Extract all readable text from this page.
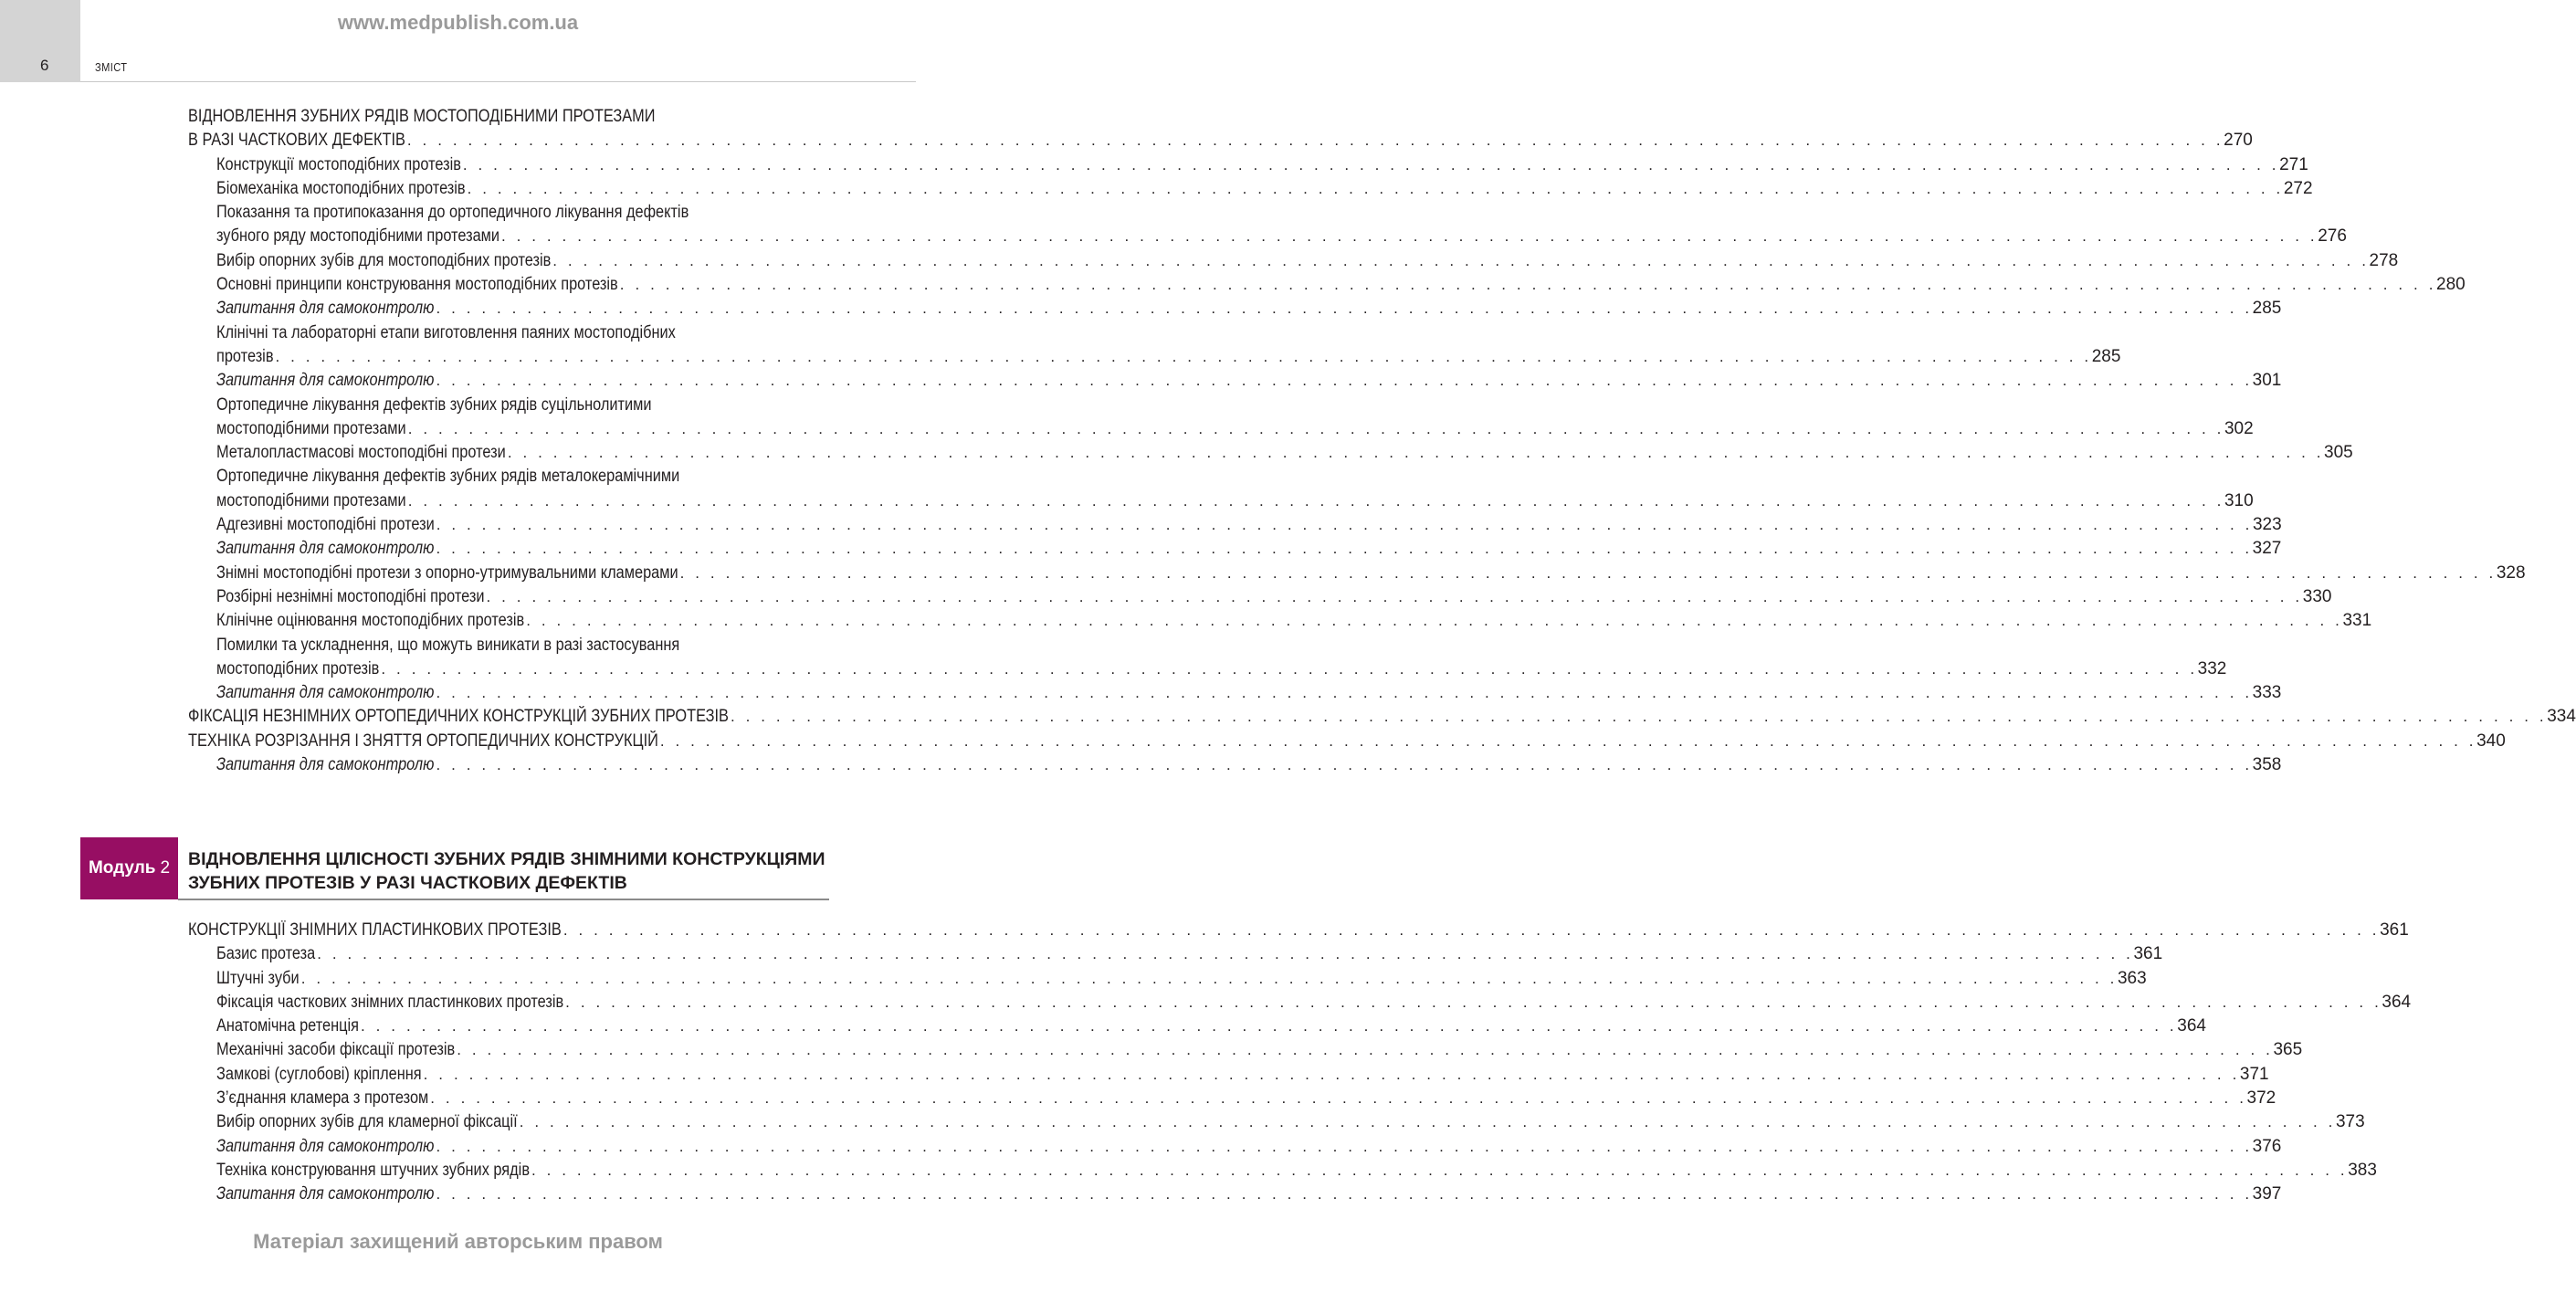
6	ЗМІСТ
www.medpublish.com.ua
ВІДНОВЛЕННЯ ЗУБНИХ РЯДІВ МОСТОПОДІБНИМИ ПРОТЕЗАМИ
В РАЗІ ЧАСТКОВИХ ДЕФЕКТІВ . . . . . . . . . . . . . . . . . . . . . . . . . . . . . . . . . . . . . . . . . . . . . . . . . . . . . . . . . . . . . . . . . . . . . . . . . . . . . . . . . . . . . . . . . . . . . . . . . . . . . . . . . . . . . . . . . . . . . . . . 270
Конструкції мостоподібних протезів . . . . . . . . . . . . . . . . . . . . . . . . . . . . . . . . . . . . . . . . . . . . . . . . . . . . . . . . . . . . . . . . . . . . . . . . . . . . . . . . . . . . . . . . . . . . . . . . . . . . . . . . . . . . . . . . . . . . . . . . 271
Біомеханіка мостоподібних протезів . . . . . . . . . . . . . . . . . . . . . . . . . . . . . . . . . . . . . . . . . . . . . . . . . . . . . . . . . . . . . . . . . . . . . . . . . . . . . . . . . . . . . . . . . . . . . . . . . . . . . . . . . . . . . . . . . . . . . . . . 272
Показання та протипоказання до ортопедичного лікування дефектів
зубного ряду мостоподібними протезами . . . . . . . . . . . . . . . . . . . . . . . . . . . . . . . . . . . . . . . . . . . . . . . . . . . . . . . . . . . . . . . . . . . . . . . . . . . . . . . . . . . . . . . . . . . . . . . . . . . . . . . . . . . . . . . . . . . . . . . . 276
Вибір опорних зубів для мостоподібних протезів . . . . . . . . . . . . . . . . . . . . . . . . . . . . . . . . . . . . . . . . . . . . . . . . . . . . . . . . . . . . . . . . . . . . . . . . . . . . . . . . . . . . . . . . . . . . . . . . . . . . . . . . . . . . . . . . . . . . . . . . 278
Основні принципи конструювання мостоподібних протезів . . . . . . . . . . . . . . . . . . . . . . . . . . . . . . . . . . . . . . . . . . . . . . . . . . . . . . . . . . . . . . . . . . . . . . . . . . . . . . . . . . . . . . . . . . . . . . . . . . . . . . . . . . . . . . . . . . . . . . . . 280
Запитання для самоконтролю . . . . . . . . . . . . . . . . . . . . . . . . . . . . . . . . . . . . . . . . . . . . . . . . . . . . . . . . . . . . . . . . . . . . . . . . . . . . . . . . . . . . . . . . . . . . . . . . . . . . . . . . . . . . . . . . . . . . . . . . 285
Клінічні та лабораторні етапи виготовлення паяних мостоподібних
протезів . . . . . . . . . . . . . . . . . . . . . . . . . . . . . . . . . . . . . . . . . . . . . . . . . . . . . . . . . . . . . . . . . . . . . . . . . . . . . . . . . . . . . . . . . . . . . . . . . . . . . . . . . . . . . . . . . . . . . . . . 285
Запитання для самоконтролю . . . . . . . . . . . . . . . . . . . . . . . . . . . . . . . . . . . . . . . . . . . . . . . . . . . . . . . . . . . . . . . . . . . . . . . . . . . . . . . . . . . . . . . . . . . . . . . . . . . . . . . . . . . . . . . . . . . . . . . . 301
Ортопедичне лікування дефектів зубних рядів суцільнолитими
мостоподібними протезами . . . . . . . . . . . . . . . . . . . . . . . . . . . . . . . . . . . . . . . . . . . . . . . . . . . . . . . . . . . . . . . . . . . . . . . . . . . . . . . . . . . . . . . . . . . . . . . . . . . . . . . . . . . . . . . . . . . . . . . . 302
Металопластмасові мостоподібні протези . . . . . . . . . . . . . . . . . . . . . . . . . . . . . . . . . . . . . . . . . . . . . . . . . . . . . . . . . . . . . . . . . . . . . . . . . . . . . . . . . . . . . . . . . . . . . . . . . . . . . . . . . . . . . . . . . . . . . . . . 305
Ортопедичне лікування дефектів зубних рядів металокерамічними
мостоподібними протезами . . . . . . . . . . . . . . . . . . . . . . . . . . . . . . . . . . . . . . . . . . . . . . . . . . . . . . . . . . . . . . . . . . . . . . . . . . . . . . . . . . . . . . . . . . . . . . . . . . . . . . . . . . . . . . . . . . . . . . . . 310
Адгезивні мостоподібні протези . . . . . . . . . . . . . . . . . . . . . . . . . . . . . . . . . . . . . . . . . . . . . . . . . . . . . . . . . . . . . . . . . . . . . . . . . . . . . . . . . . . . . . . . . . . . . . . . . . . . . . . . . . . . . . . . . . . . . . . . 323
Запитання для самоконтролю . . . . . . . . . . . . . . . . . . . . . . . . . . . . . . . . . . . . . . . . . . . . . . . . . . . . . . . . . . . . . . . . . . . . . . . . . . . . . . . . . . . . . . . . . . . . . . . . . . . . . . . . . . . . . . . . . . . . . . . . 327
Знімні мостоподібні протези з опорно-утримувальними кламерами . . . . . . . . . . . . . . . . . . . . . . . . . . . . . . . . . . . . . . . . . . . . . . . . . . . . . . . . . . . . . . . . . . . . . . . . . . . . . . . . . . . . . . . . . . . . . . . . . . . . . . . . . . . . . . . . . . . . . . . . 328
Розбірні незнімні мостоподібні протези . . . . . . . . . . . . . . . . . . . . . . . . . . . . . . . . . . . . . . . . . . . . . . . . . . . . . . . . . . . . . . . . . . . . . . . . . . . . . . . . . . . . . . . . . . . . . . . . . . . . . . . . . . . . . . . . . . . . . . . . 330
Клінічне оцінювання мостоподібних протезів . . . . . . . . . . . . . . . . . . . . . . . . . . . . . . . . . . . . . . . . . . . . . . . . . . . . . . . . . . . . . . . . . . . . . . . . . . . . . . . . . . . . . . . . . . . . . . . . . . . . . . . . . . . . . . . . . . . . . . . . 331
Помилки та ускладнення, що можуть виникати в разі застосування
мостоподібних протезів . . . . . . . . . . . . . . . . . . . . . . . . . . . . . . . . . . . . . . . . . . . . . . . . . . . . . . . . . . . . . . . . . . . . . . . . . . . . . . . . . . . . . . . . . . . . . . . . . . . . . . . . . . . . . . . . . . . . . . . . 332
Запитання для самоконтролю . . . . . . . . . . . . . . . . . . . . . . . . . . . . . . . . . . . . . . . . . . . . . . . . . . . . . . . . . . . . . . . . . . . . . . . . . . . . . . . . . . . . . . . . . . . . . . . . . . . . . . . . . . . . . . . . . . . . . . . . 333
ФІКСАЦІЯ НЕЗНІМНИХ ОРТОПЕДИЧНИХ КОНСТРУКЦІЙ ЗУБНИХ ПРОТЕЗІВ . . . . . . . . . . . . . . . . . . . . . . . . . . . . . . . . . . . . . . . . . . . . . . . . . . . . . . . . . . . . . . . . . . . . . . . . . . . . . . . . . . . . . . . . . . . . . . . . . . . . . . . . . . . . . . . . . . . . . . . . 334
ТЕХНІКА РОЗРІЗАННЯ І ЗНЯТТЯ ОРТОПЕДИЧНИХ КОНСТРУКЦІЙ . . . . . . . . . . . . . . . . . . . . . . . . . . . . . . . . . . . . . . . . . . . . . . . . . . . . . . . . . . . . . . . . . . . . . . . . . . . . . . . . . . . . . . . . . . . . . . . . . . . . . . . . . . . . . . . . . . . . . . . . 340
Запитання для самоконтролю . . . . . . . . . . . . . . . . . . . . . . . . . . . . . . . . . . . . . . . . . . . . . . . . . . . . . . . . . . . . . . . . . . . . . . . . . . . . . . . . . . . . . . . . . . . . . . . . . . . . . . . . . . . . . . . . . . . . . . . . 358
Модуль 2 ВІДНОВЛЕННЯ ЦІЛІСНОСТІ ЗУБНИХ РЯДІВ ЗНІМНИМИ КОНСТРУКЦІЯМИ
ЗУБНИХ ПРОТЕЗІВ У РАЗІ ЧАСТКОВИХ ДЕФЕКТІВ
КОНСТРУКЦІЇ ЗНІМНИХ ПЛАСТИНКОВИХ ПРОТЕЗІВ . . . . . . . . . . . . . . . . . . . . . . . . . . . . . . . . . . . . . . . . . . . . . . . . . . . . . . . . . . . . . . . . . . . . . . . . . . . . . . . . . . . . . . . . . . . . . . . . . . . . . . . . . . . . . . . . . . . . . . . . 361
Базис протеза . . . . . . . . . . . . . . . . . . . . . . . . . . . . . . . . . . . . . . . . . . . . . . . . . . . . . . . . . . . . . . . . . . . . . . . . . . . . . . . . . . . . . . . . . . . . . . . . . . . . . . . . . . . . . . . . . . . . . . . . 361
Штучні зуби . . . . . . . . . . . . . . . . . . . . . . . . . . . . . . . . . . . . . . . . . . . . . . . . . . . . . . . . . . . . . . . . . . . . . . . . . . . . . . . . . . . . . . . . . . . . . . . . . . . . . . . . . . . . . . . . . . . . . . . . 363
Фіксація часткових знімних пластинкових протезів . . . . . . . . . . . . . . . . . . . . . . . . . . . . . . . . . . . . . . . . . . . . . . . . . . . . . . . . . . . . . . . . . . . . . . . . . . . . . . . . . . . . . . . . . . . . . . . . . . . . . . . . . . . . . . . . . . . . . . . . 364
Анатомічна ретенція . . . . . . . . . . . . . . . . . . . . . . . . . . . . . . . . . . . . . . . . . . . . . . . . . . . . . . . . . . . . . . . . . . . . . . . . . . . . . . . . . . . . . . . . . . . . . . . . . . . . . . . . . . . . . . . . . . . . . . . . 364
Механічні засоби фіксації протезів . . . . . . . . . . . . . . . . . . . . . . . . . . . . . . . . . . . . . . . . . . . . . . . . . . . . . . . . . . . . . . . . . . . . . . . . . . . . . . . . . . . . . . . . . . . . . . . . . . . . . . . . . . . . . . . . . . . . . . . . 365
Замкові (суглобові) кріплення . . . . . . . . . . . . . . . . . . . . . . . . . . . . . . . . . . . . . . . . . . . . . . . . . . . . . . . . . . . . . . . . . . . . . . . . . . . . . . . . . . . . . . . . . . . . . . . . . . . . . . . . . . . . . . . . . . . . . . . . 371
З’єднання кламера з протезом . . . . . . . . . . . . . . . . . . . . . . . . . . . . . . . . . . . . . . . . . . . . . . . . . . . . . . . . . . . . . . . . . . . . . . . . . . . . . . . . . . . . . . . . . . . . . . . . . . . . . . . . . . . . . . . . . . . . . . . . 372
Вибір опорних зубів для кламерної фіксації . . . . . . . . . . . . . . . . . . . . . . . . . . . . . . . . . . . . . . . . . . . . . . . . . . . . . . . . . . . . . . . . . . . . . . . . . . . . . . . . . . . . . . . . . . . . . . . . . . . . . . . . . . . . . . . . . . . . . . . . 373
Запитання для самоконтролю . . . . . . . . . . . . . . . . . . . . . . . . . . . . . . . . . . . . . . . . . . . . . . . . . . . . . . . . . . . . . . . . . . . . . . . . . . . . . . . . . . . . . . . . . . . . . . . . . . . . . . . . . . . . . . . . . . . . . . . . 376
Техніка конструювання штучних зубних рядів . . . . . . . . . . . . . . . . . . . . . . . . . . . . . . . . . . . . . . . . . . . . . . . . . . . . . . . . . . . . . . . . . . . . . . . . . . . . . . . . . . . . . . . . . . . . . . . . . . . . . . . . . . . . . . . . . . . . . . . . 383
Запитання для самоконтролю . . . . . . . . . . . . . . . . . . . . . . . . . . . . . . . . . . . . . . . . . . . . . . . . . . . . . . . . . . . . . . . . . . . . . . . . . . . . . . . . . . . . . . . . . . . . . . . . . . . . . . . . . . . . . . . . . . . . . . . . 397
Матеріал захищений авторським правом
